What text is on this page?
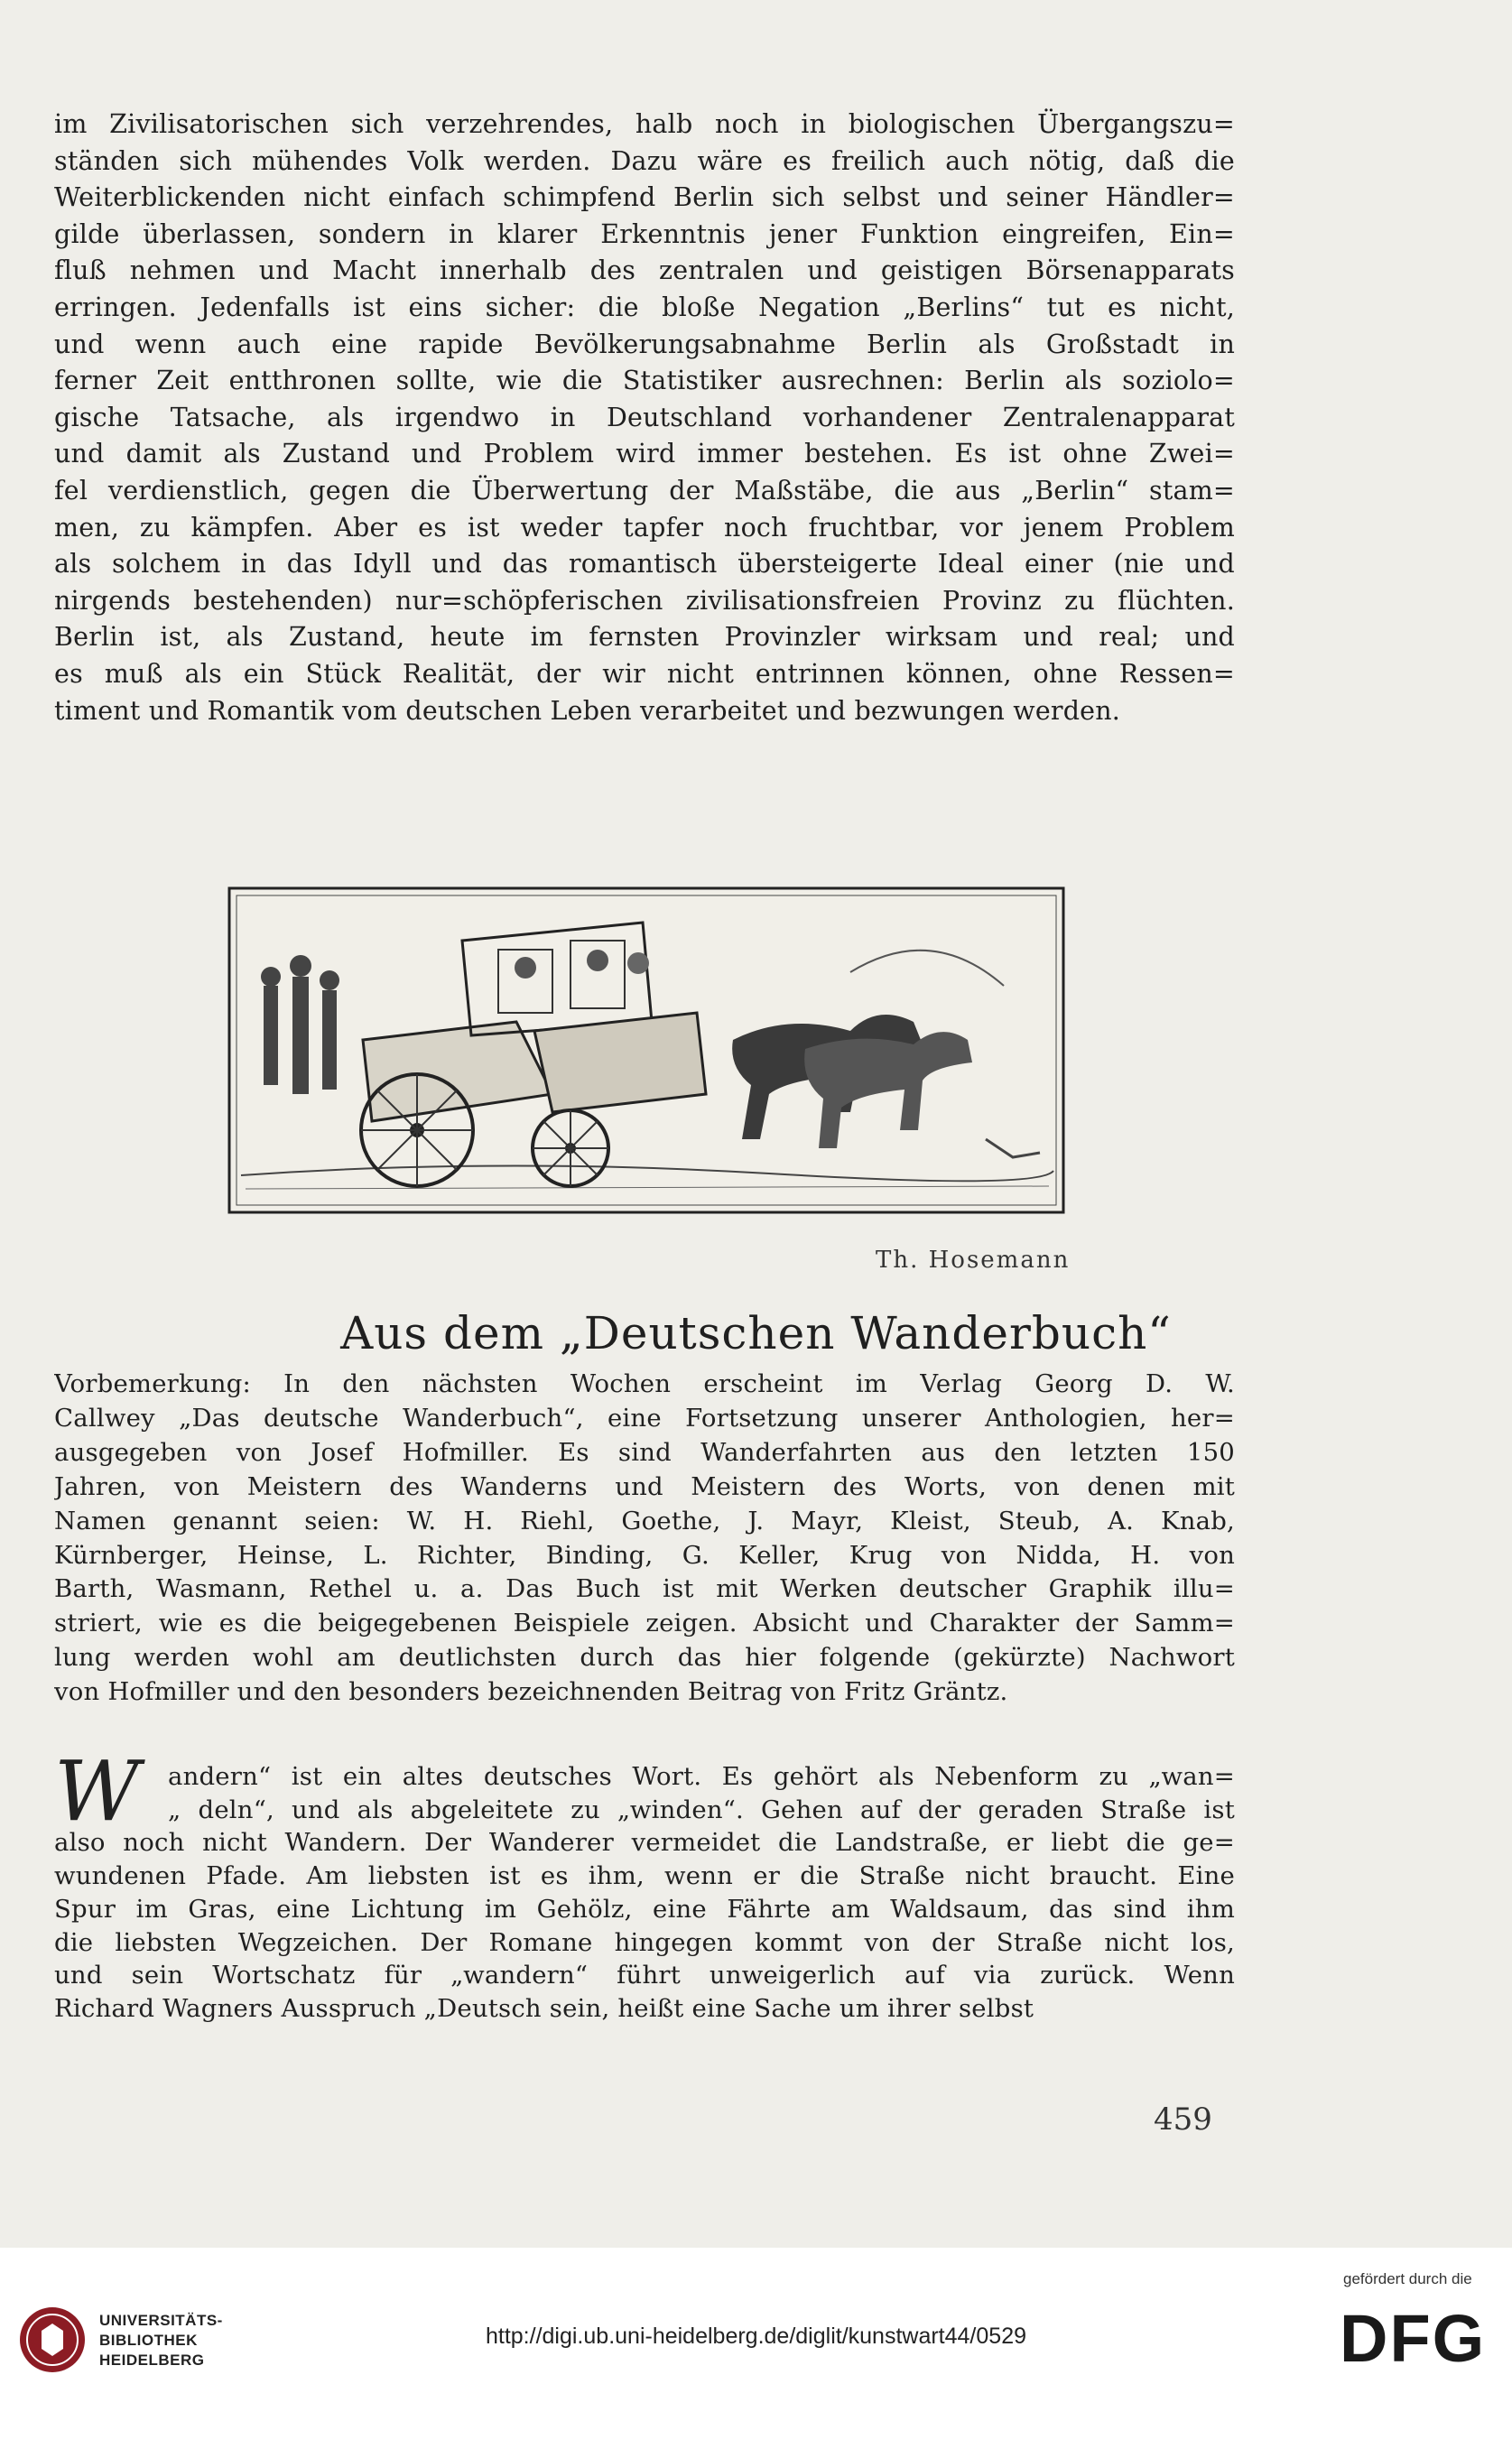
im Zivilisatorischen sich verzehrendes, halb noch in biologischen Übergangszu=
ständen sich mühendes Volk werden. Dazu wäre es freilich auch nötig, daß die
Weiterblickenden nicht einfach schimpfend Berlin sich selbst und seiner Händler=
gilde überlassen, sondern in klarer Erkenntnis jener Funktion eingreifen, Ein=
fluß nehmen und Macht innerhalb des zentralen und geistigen Börsenapparats
erringen. Jedenfalls ist eins sicher: die bloße Negation „Berlins“ tut es nicht,
und wenn auch eine rapide Bevölkerungsabnahme Berlin als Großstadt in
ferner Zeit entthronen sollte, wie die Statistiker ausrechnen: Berlin als soziolo=
gische Tatsache, als irgendwo in Deutschland vorhandener Zentralenapparat
und damit als Zustand und Problem wird immer bestehen. Es ist ohne Zwei=
fel verdienstlich, gegen die Überwertung der Maßstäbe, die aus „Berlin“ stam=
men, zu kämpfen. Aber es ist weder tapfer noch fruchtbar, vor jenem Problem
als solchem in das Idyll und das romantisch übersteigerte Ideal einer (nie und
nirgends bestehenden) nur=schöpferischen zivilisationsfreien Provinz zu flüchten.
Berlin ist, als Zustand, heute im fernsten Provinzler wirksam und real; und
es muß als ein Stück Realität, der wir nicht entrinnen können, ohne Ressen=
timent und Romantik vom deutschen Leben verarbeitet und bezwungen werden.
Th. Hosemann
Aus dem „Deutschen Wanderbuch“
Vorbemerkung: In den nächsten Wochen erscheint im Verlag Georg D. W.
Callwey „Das deutsche Wanderbuch“, eine Fortsetzung unserer Anthologien, her=
ausgegeben von Josef Hofmiller. Es sind Wanderfahrten aus den letzten 150
Jahren, von Meistern des Wanderns und Meistern des Worts, von denen mit
Namen genannt seien: W. H. Riehl, Goethe, J. Mayr, Kleist, Steub, A. Knab,
Kürnberger, Heinse, L. Richter, Binding, G. Keller, Krug von Nidda, H. von
Barth, Wasmann, Rethel u. a. Das Buch ist mit Werken deutscher Graphik illu=
striert, wie es die beigegebenen Beispiele zeigen. Absicht und Charakter der Samm=
lung werden wohl am deutlichsten durch das hier folgende (gekürzte) Nachwort
von Hofmiller und den besonders bezeichnenden Beitrag von Fritz Gräntz.
W	andern“ ist ein altes deutsches Wort. Es gehört als Nebenform zu „wan=
„ deln“, und als abgeleitete zu „winden“. Gehen auf der geraden Straße ist
also noch nicht Wandern. Der Wanderer vermeidet die Landstraße, er liebt die ge=
wundenen Pfade. Am liebsten ist es ihm, wenn er die Straße nicht braucht. Eine
Spur im Gras, eine Lichtung im Gehölz, eine Fährte am Waldsaum, das sind ihm
die liebsten Wegzeichen. Der Romane hingegen kommt von der Straße nicht los,
und sein Wortschatz für „wandern“ führt unweigerlich auf via zurück. Wenn
Richard Wagners Ausspruch „Deutsch sein, heißt eine Sache um ihrer selbst
459
UNIVERSITÄTS-
BIBLIOTHEK
HEIDELBERG
http://digi.ub.uni-heidelberg.de/diglit/kunstwart44/0529
gefördert durch die
DFG
